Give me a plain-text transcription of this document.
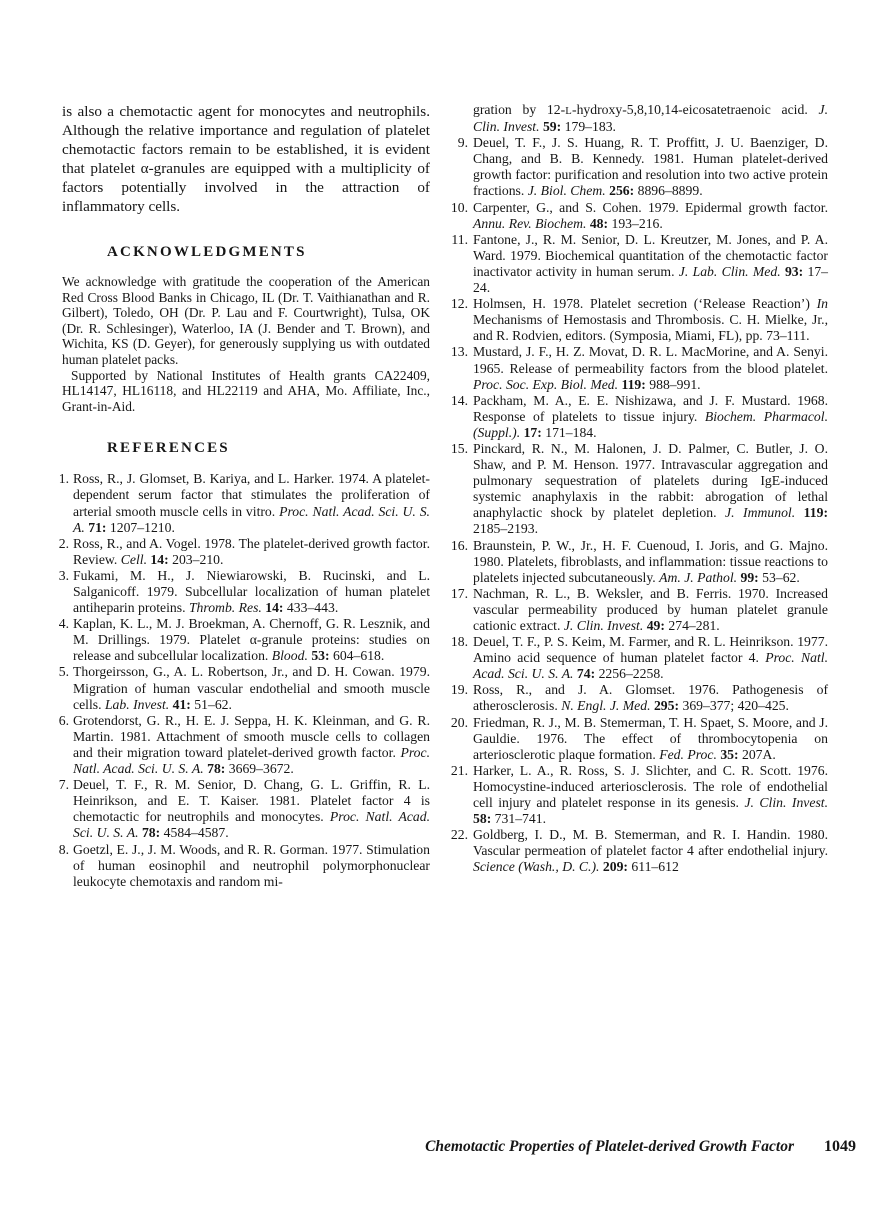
is also a chemotactic agent for monocytes and neutrophils. Although the relative importance and regulation of platelet chemotactic factors remain to be established, it is evident that platelet α-granules are equipped with a multiplicity of factors potentially involved in the attraction of inflammatory cells.

ACKNOWLEDGMENTS

We acknowledge with gratitude the cooperation of the American Red Cross Blood Banks in Chicago, IL (Dr. T. Vaithianathan and R. Gilbert), Toledo, OH (Dr. P. Lau and F. Courtwright), Tulsa, OK (Dr. R. Schlesinger), Waterloo, IA (J. Bender and T. Brown), and Wichita, KS (D. Geyer), for generously supplying us with outdated human platelet packs.

Supported by National Institutes of Health grants CA22409, HL14147, HL16118, and HL22119 and AHA, Mo. Affiliate, Inc., Grant-in-Aid.

REFERENCES
1. Ross, R., J. Glomset, B. Kariya, and L. Harker. 1974. A platelet-dependent serum factor that stimulates the proliferation of arterial smooth muscle cells in vitro. Proc. Natl. Acad. Sci. U. S. A. 71: 1207–1210.
2. Ross, R., and A. Vogel. 1978. The platelet-derived growth factor. Review. Cell. 14: 203–210.
3. Fukami, M. H., J. Niewiarowski, B. Rucinski, and L. Salganicoff. 1979. Subcellular localization of human platelet antiheparin proteins. Thromb. Res. 14: 433–443.
4. Kaplan, K. L., M. J. Broekman, A. Chernoff, G. R. Lesznik, and M. Drillings. 1979. Platelet α-granule proteins: studies on release and subcellular localization. Blood. 53: 604–618.
5. Thorgeirsson, G., A. L. Robertson, Jr., and D. H. Cowan. 1979. Migration of human vascular endothelial and smooth muscle cells. Lab. Invest. 41: 51–62.
6. Grotendorst, G. R., H. E. J. Seppa, H. K. Kleinman, and G. R. Martin. 1981. Attachment of smooth muscle cells to collagen and their migration toward platelet-derived growth factor. Proc. Natl. Acad. Sci. U. S. A. 78: 3669–3672.
7. Deuel, T. F., R. M. Senior, D. Chang, G. L. Griffin, R. L. Heinrikson, and E. T. Kaiser. 1981. Platelet factor 4 is chemotactic for neutrophils and monocytes. Proc. Natl. Acad. Sci. U. S. A. 78: 4584–4587.
8. Goetzl, E. J., J. M. Woods, and R. R. Gorman. 1977. Stimulation of human eosinophil and neutrophil polymorphonuclear leukocyte chemotaxis and random mi-
gration by 12-L-hydroxy-5,8,10,14-eicosatetraenoic acid. J. Clin. Invest. 59: 179–183.
9. Deuel, T. F., J. S. Huang, R. T. Proffitt, J. U. Baenziger, D. Chang, and B. B. Kennedy. 1981. Human platelet-derived growth factor: purification and resolution into two active protein fractions. J. Biol. Chem. 256: 8896–8899.
10. Carpenter, G., and S. Cohen. 1979. Epidermal growth factor. Annu. Rev. Biochem. 48: 193–216.
11. Fantone, J., R. M. Senior, D. L. Kreutzer, M. Jones, and P. A. Ward. 1979. Biochemical quantitation of the chemotactic factor inactivator activity in human serum. J. Lab. Clin. Med. 93: 17–24.
12. Holmsen, H. 1978. Platelet secretion (‘Release Reaction’) In Mechanisms of Hemostasis and Thrombosis. C. H. Mielke, Jr., and R. Rodvien, editors. (Symposia, Miami, FL), pp. 73–111.
13. Mustard, J. F., H. Z. Movat, D. R. L. MacMorine, and A. Senyi. 1965. Release of permeability factors from the blood platelet. Proc. Soc. Exp. Biol. Med. 119: 988–991.
14. Packham, M. A., E. E. Nishizawa, and J. F. Mustard. 1968. Response of platelets to tissue injury. Biochem. Pharmacol. (Suppl.). 17: 171–184.
15. Pinckard, R. N., M. Halonen, J. D. Palmer, C. Butler, J. O. Shaw, and P. M. Henson. 1977. Intravascular aggregation and pulmonary sequestration of platelets during IgE-induced systemic anaphylaxis in the rabbit: abrogation of lethal anaphylactic shock by platelet depletion. J. Immunol. 119: 2185–2193.
16. Braunstein, P. W., Jr., H. F. Cuenoud, I. Joris, and G. Majno. 1980. Platelets, fibroblasts, and inflammation: tissue reactions to platelets injected subcutaneously. Am. J. Pathol. 99: 53–62.
17. Nachman, R. L., B. Weksler, and B. Ferris. 1970. Increased vascular permeability produced by human platelet granule cationic extract. J. Clin. Invest. 49: 274–281.
18. Deuel, T. F., P. S. Keim, M. Farmer, and R. L. Heinrikson. 1977. Amino acid sequence of human platelet factor 4. Proc. Natl. Acad. Sci. U. S. A. 74: 2256–2258.
19. Ross, R., and J. A. Glomset. 1976. Pathogenesis of atherosclerosis. N. Engl. J. Med. 295: 369–377; 420–425.
20. Friedman, R. J., M. B. Stemerman, T. H. Spaet, S. Moore, and J. Gauldie. 1976. The effect of thrombocytopenia on arteriosclerotic plaque formation. Fed. Proc. 35: 207A.
21. Harker, L. A., R. Ross, S. J. Slichter, and C. R. Scott. 1976. Homocystine-induced arteriosclerosis. The role of endothelial cell injury and platelet response in its genesis. J. Clin. Invest. 58: 731–741.
22. Goldberg, I. D., M. B. Stemerman, and R. I. Handin. 1980. Vascular permeation of platelet factor 4 after endothelial injury. Science (Wash., D. C.). 209: 611–612
Chemotactic Properties of Platelet-derived Growth Factor 1049
